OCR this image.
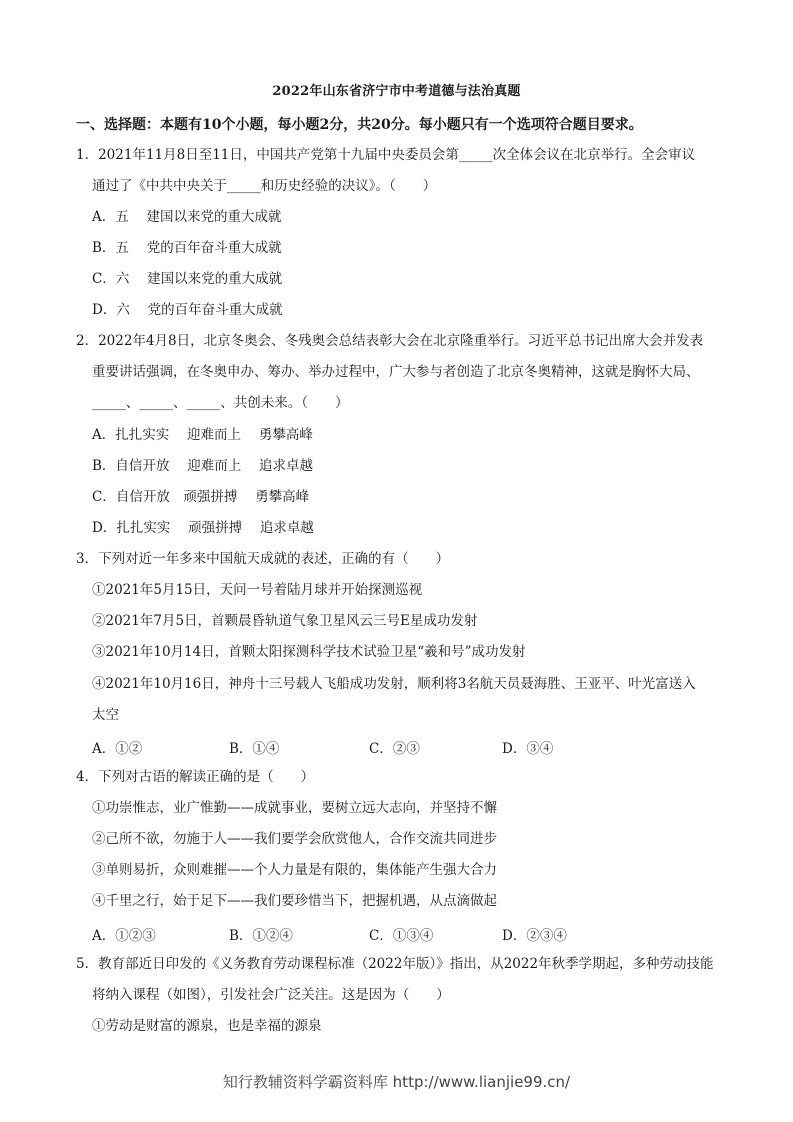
2022年山东省济宁市中考道德与法治真题
一、选择题：本题有10个小题，每小题2分，共20分。每小题只有一个选项符合题目要求。
1．2021年11月8日至11日，中国共产党第十九届中央委员会第_____次全体会议在北京举行。全会审议
通过了《中共中央关于_____和历史经验的决议》。（　　）
A．五　 建国以来党的重大成就
B．五　 党的百年奋斗重大成就
C．六　 建国以来党的重大成就
D．六　 党的百年奋斗重大成就
2．2022年4月8日，北京冬奥会、冬残奥会总结表彰大会在北京隆重举行。习近平总书记出席大会并发表
重要讲话强调，在冬奥申办、筹办、举办过程中，广大参与者创造了北京冬奥精神，这就是胸怀大局、
_____、_____、_____、共创未来。（　　）
A．扎扎实实　 迎难而上　 勇攀高峰
B．自信开放　 迎难而上　 追求卓越
C．自信开放　顽强拼搏　 勇攀高峰
D．扎扎实实　 顽强拼搏　 追求卓越
3．下列对近一年多来中国航天成就的表述，正确的有（　　）
①2021年5月15日，天问一号着陆月球并开始探测巡视
②2021年7月5日，首颗晨昏轨道气象卫星风云三号E星成功发射
③2021年10月14日，首颗太阳探测科学技术试验卫星“羲和号”成功发射
④2021年10月16日，神舟十三号载人飞船成功发射，顺利将3名航天员聂海胜、王亚平、叶光富送入
太空
A．①②	B．①④	C．②③	D．③④
4．下列对古语的解读正确的是（　　）
①功崇惟志，业广惟勤——成就事业，要树立远大志向，并坚持不懈
②己所不欲，勿施于人——我们要学会欣赏他人，合作交流共同进步
③单则易折，众则难摧——个人力量是有限的，集体能产生强大合力
④千里之行，始于足下——我们要珍惜当下，把握机遇，从点滴做起
A．①②③	B．①②④	C．①③④	D．②③④
5．教育部近日印发的《义务教育劳动课程标准（2022年版）》指出，从2022年秋季学期起，多种劳动技能
将纳入课程（如图），引发社会广泛关注。这是因为（　　）
①劳动是财富的源泉，也是幸福的源泉
知行教辅资料学霸资料库 http://www.lianjie99.cn/
